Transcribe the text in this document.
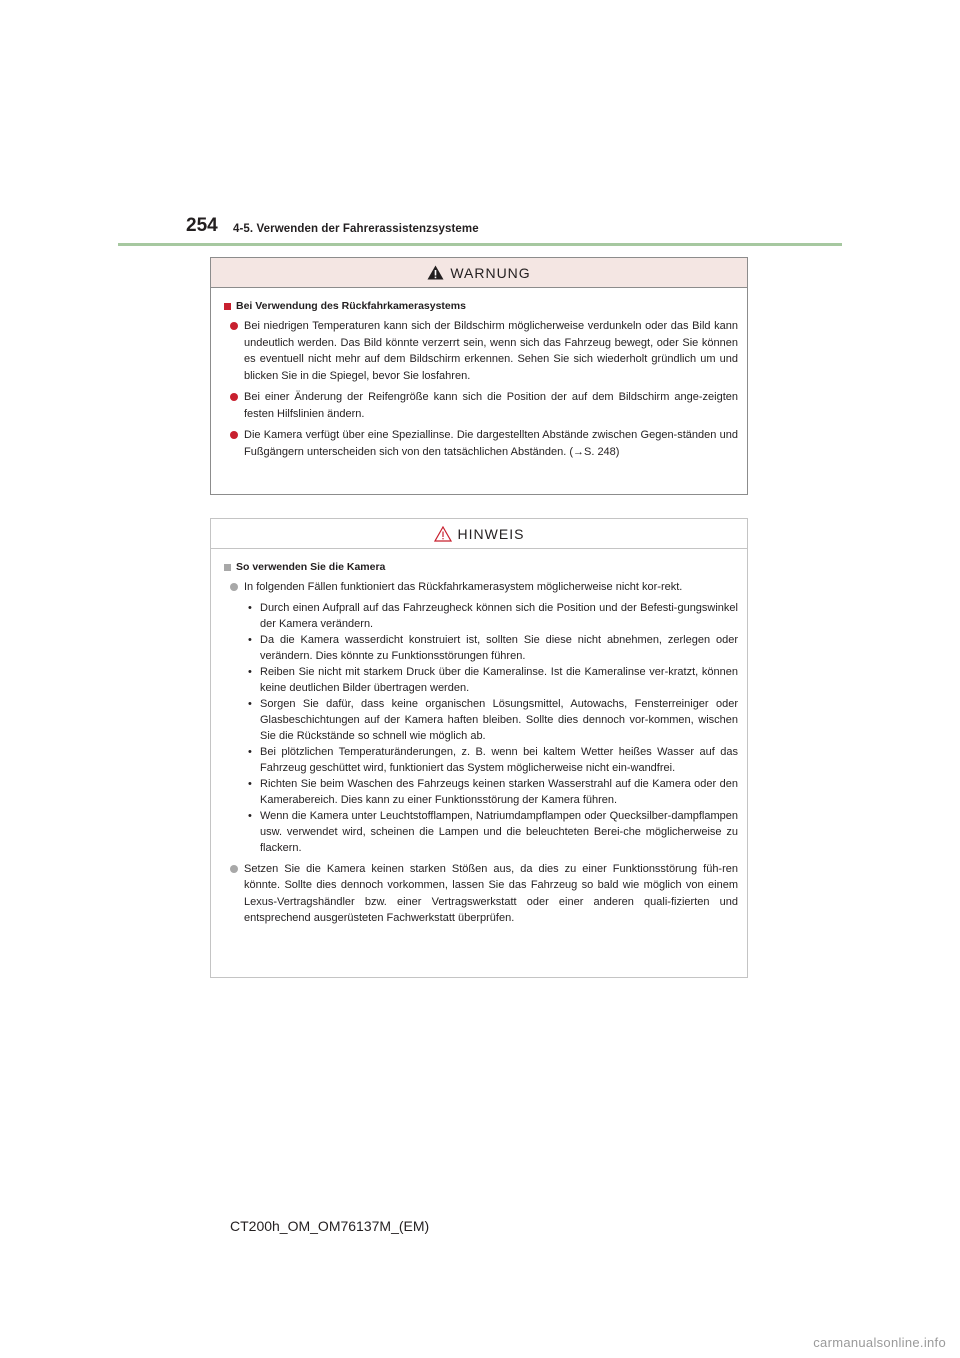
254 4-5. Verwenden der Fahrerassistenzsysteme
WARNUNG
Bei Verwendung des Rückfahrkamerasystems
Bei niedrigen Temperaturen kann sich der Bildschirm möglicherweise verdunkeln oder das Bild kann undeutlich werden. Das Bild könnte verzerrt sein, wenn sich das Fahrzeug bewegt, oder Sie können es eventuell nicht mehr auf dem Bildschirm erkennen. Sehen Sie sich wiederholt gründlich um und blicken Sie in die Spiegel, bevor Sie losfahren.
Bei einer Änderung der Reifengröße kann sich die Position der auf dem Bildschirm ange-zeigten festen Hilfslinien ändern.
Die Kamera verfügt über eine Speziallinse. Die dargestellten Abstände zwischen Gegen-ständen und Fußgängern unterscheiden sich von den tatsächlichen Abständen. (→S. 248)
HINWEIS
So verwenden Sie die Kamera
In folgenden Fällen funktioniert das Rückfahrkamerasystem möglicherweise nicht kor-rekt.
• Durch einen Aufprall auf das Fahrzeugheck können sich die Position und der Befesti-gungswinkel der Kamera verändern.
• Da die Kamera wasserdicht konstruiert ist, sollten Sie diese nicht abnehmen, zerlegen oder verändern. Dies könnte zu Funktionsstörungen führen.
• Reiben Sie nicht mit starkem Druck über die Kameralinse. Ist die Kameralinse ver-kratzt, können keine deutlichen Bilder übertragen werden.
• Sorgen Sie dafür, dass keine organischen Lösungsmittel, Autowachs, Fensterreiniger oder Glasbeschichtungen auf der Kamera haften bleiben. Sollte dies dennoch vor-kommen, wischen Sie die Rückstände so schnell wie möglich ab.
• Bei plötzlichen Temperaturänderungen, z. B. wenn bei kaltem Wetter heißes Wasser auf das Fahrzeug geschüttet wird, funktioniert das System möglicherweise nicht ein-wandfrei.
• Richten Sie beim Waschen des Fahrzeugs keinen starken Wasserstrahl auf die Kamera oder den Kamerabereich. Dies kann zu einer Funktionsstörung der Kamera führen.
• Wenn die Kamera unter Leuchtstofflampen, Natriumdampflampen oder Quecksilber-dampflampen usw. verwendet wird, scheinen die Lampen und die beleuchteten Berei-che möglicherweise zu flackern.
Setzen Sie die Kamera keinen starken Stößen aus, da dies zu einer Funktionsstörung füh-ren könnte. Sollte dies dennoch vorkommen, lassen Sie das Fahrzeug so bald wie möglich von einem Lexus-Vertragshändler bzw. einer Vertragswerkstatt oder einer anderen quali-fizierten und entsprechend ausgerüsteten Fachwerkstatt überprüfen.
CT200h_OM_OM76137M_(EM)
carmanualsonline.info
